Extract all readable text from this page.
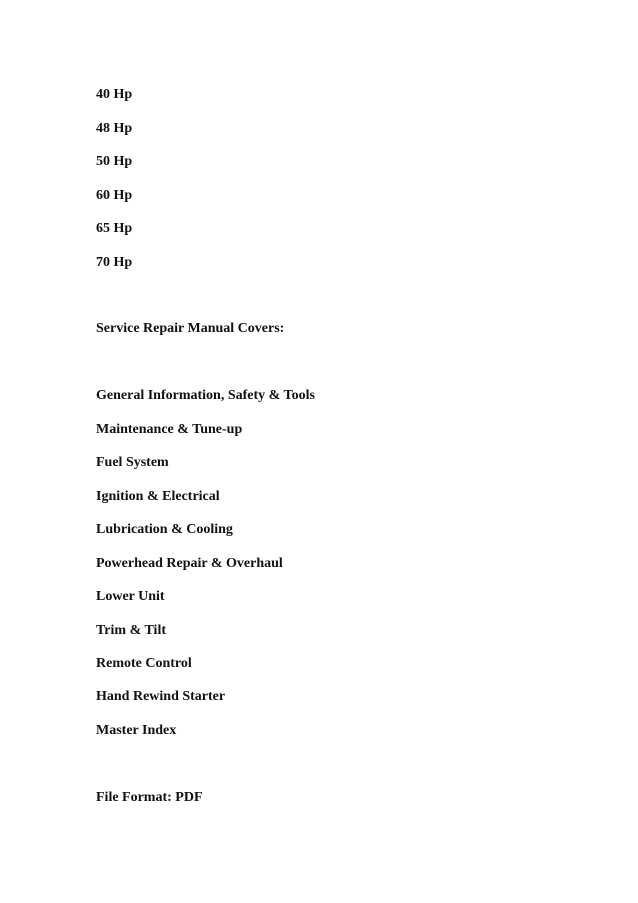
40 Hp

48 Hp

50 Hp

60 Hp

65 Hp

70 Hp

Service Repair Manual Covers:

General Information, Safety & Tools

Maintenance & Tune-up

Fuel System

Ignition & Electrical

Lubrication & Cooling

Powerhead Repair & Overhaul

Lower Unit

Trim & Tilt

Remote Control

Hand Rewind Starter

Master Index

File Format: PDF
